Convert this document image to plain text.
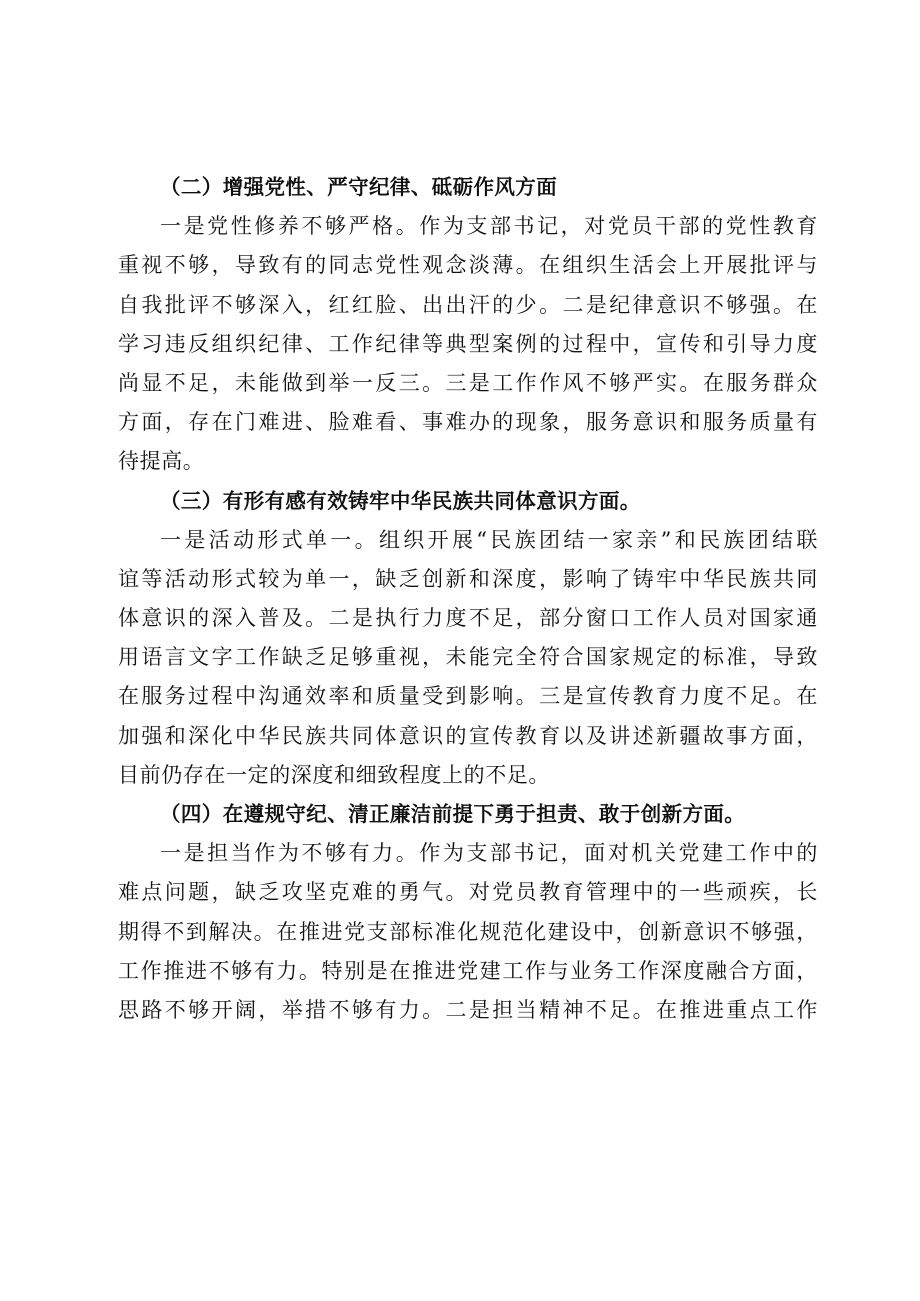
（二）增强党性、严守纪律、砥砺作风方面
一是党性修养不够严格。作为支部书记，对党员干部的党性教育
重视不够，导致有的同志党性观念淡薄。在组织生活会上开展批评与
自我批评不够深入，红红脸、出出汗的少。二是纪律意识不够强。在
学习违反组织纪律、工作纪律等典型案例的过程中，宣传和引导力度
尚显不足，未能做到举一反三。三是工作作风不够严实。在服务群众
方面，存在门难进、脸难看、事难办的现象，服务意识和服务质量有
待提高。
（三）有形有感有效铸牢中华民族共同体意识方面。
一是活动形式单一。组织开展“民族团结一家亲”和民族团结联
谊等活动形式较为单一，缺乏创新和深度，影响了铸牢中华民族共同
体意识的深入普及。二是执行力度不足，部分窗口工作人员对国家通
用语言文字工作缺乏足够重视，未能完全符合国家规定的标准，导致
在服务过程中沟通效率和质量受到影响。三是宣传教育力度不足。在
加强和深化中华民族共同体意识的宣传教育以及讲述新疆故事方面，
目前仍存在一定的深度和细致程度上的不足。
（四）在遵规守纪、清正廉洁前提下勇于担责、敢于创新方面。
一是担当作为不够有力。作为支部书记，面对机关党建工作中的
难点问题，缺乏攻坚克难的勇气。对党员教育管理中的一些顽疾，长
期得不到解决。在推进党支部标准化规范化建设中，创新意识不够强，
工作推进不够有力。特别是在推进党建工作与业务工作深度融合方面，
思路不够开阔，举措不够有力。二是担当精神不足。在推进重点工作
